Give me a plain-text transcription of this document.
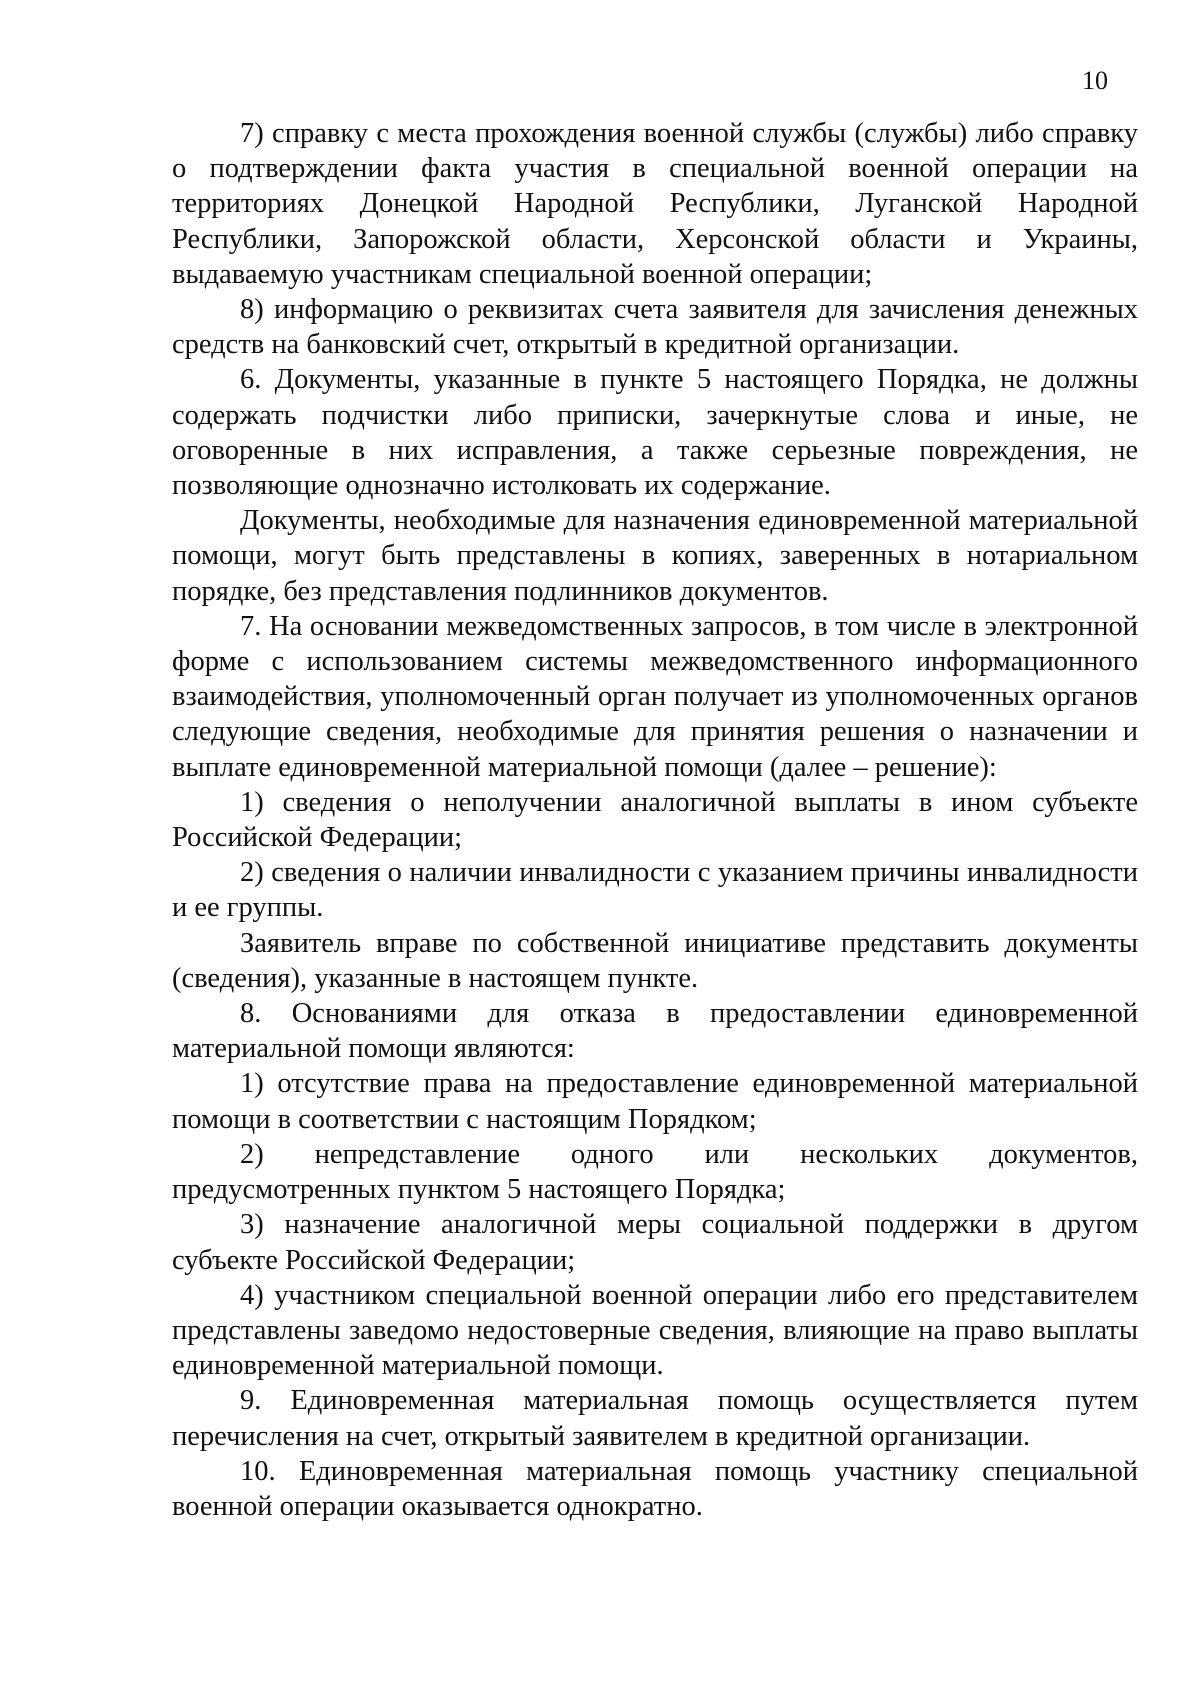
10

7) справку с места прохождения военной службы (службы) либо справку о подтверждении факта участия в специальной военной операции на территориях Донецкой Народной Республики, Луганской Народной Республики, Запорожской области, Херсонской области и Украины, выдаваемую участникам специальной военной операции;

8) информацию о реквизитах счета заявителя для зачисления денежных средств на банковский счет, открытый в кредитной организации.

6. Документы, указанные в пункте 5 настоящего Порядка, не должны содержать подчистки либо приписки, зачеркнутые слова и иные, не оговоренные в них исправления, а также серьезные повреждения, не позволяющие однозначно истолковать их содержание.

Документы, необходимые для назначения единовременной материальной помощи, могут быть представлены в копиях, заверенных в нотариальном порядке, без представления подлинников документов.

7. На основании межведомственных запросов, в том числе в электронной форме с использованием системы межведомственного информационного взаимодействия, уполномоченный орган получает из уполномоченных органов следующие сведения, необходимые для принятия решения о назначении и выплате единовременной материальной помощи (далее – решение):

1) сведения о неполучении аналогичной выплаты в ином субъекте Российской Федерации;

2) сведения о наличии инвалидности с указанием причины инвалидности и ее группы.

Заявитель вправе по собственной инициативе представить документы (сведения), указанные в настоящем пункте.

8. Основаниями для отказа в предоставлении единовременной материальной помощи являются:

1) отсутствие права на предоставление единовременной материальной помощи в соответствии с настоящим Порядком;

2) непредставление одного или нескольких документов, предусмотренных пунктом 5 настоящего Порядка;

3) назначение аналогичной меры социальной поддержки в другом субъекте Российской Федерации;

4) участником специальной военной операции либо его представителем представлены заведомо недостоверные сведения, влияющие на право выплаты единовременной материальной помощи.

9. Единовременная материальная помощь осуществляется путем перечисления на счет, открытый заявителем в кредитной организации.

10. Единовременная материальная помощь участнику специальной военной операции оказывается однократно.
